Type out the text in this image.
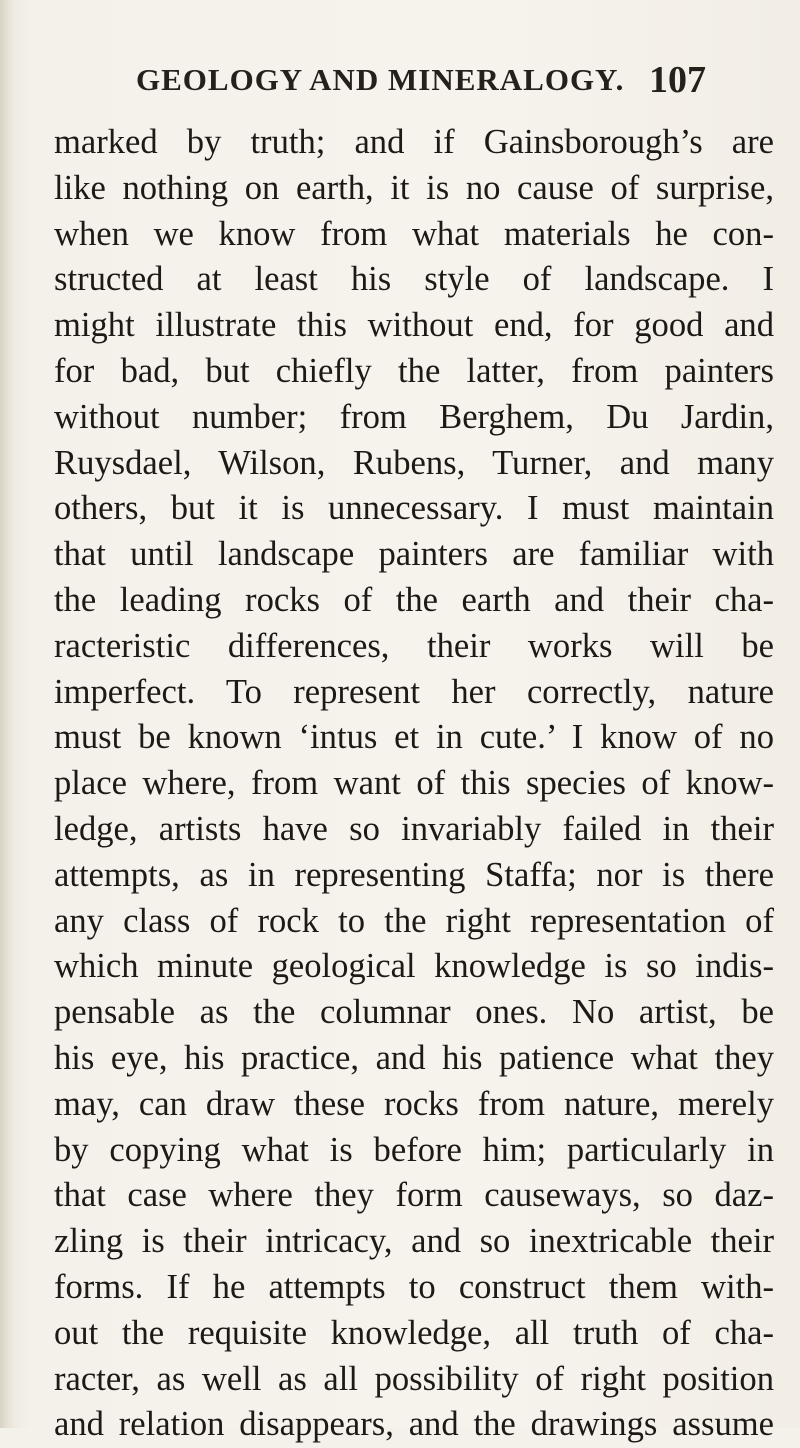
GEOLOGY AND MINERALOGY. 107
marked by truth; and if Gainsborough’s are
like nothing on earth, it is no cause of surprise,
when we know from what materials he con-
structed at least his style of landscape. I
might illustrate this without end, for good and
for bad, but chiefly the latter, from painters
without number; from Berghem, Du Jardin,
Ruysdael, Wilson, Rubens, Turner, and many
others, but it is unnecessary. I must maintain
that until landscape painters are familiar with
the leading rocks of the earth and their cha-
racteristic differences, their works will be
imperfect. To represent her correctly, nature
must be known ‘intus et in cute.’ I know of no
place where, from want of this species of know-
ledge, artists have so invariably failed in their
attempts, as in representing Staffa; nor is there
any class of rock to the right representation of
which minute geological knowledge is so indis-
pensable as the columnar ones. No artist, be
his eye, his practice, and his patience what they
may, can draw these rocks from nature, merely
by copying what is before him; particularly in
that case where they form causeways, so daz-
zling is their intricacy, and so inextricable their
forms. If he attempts to construct them with-
out the requisite knowledge, all truth of cha-
racter, as well as all possibility of right position
and relation disappears, and the drawings assume
